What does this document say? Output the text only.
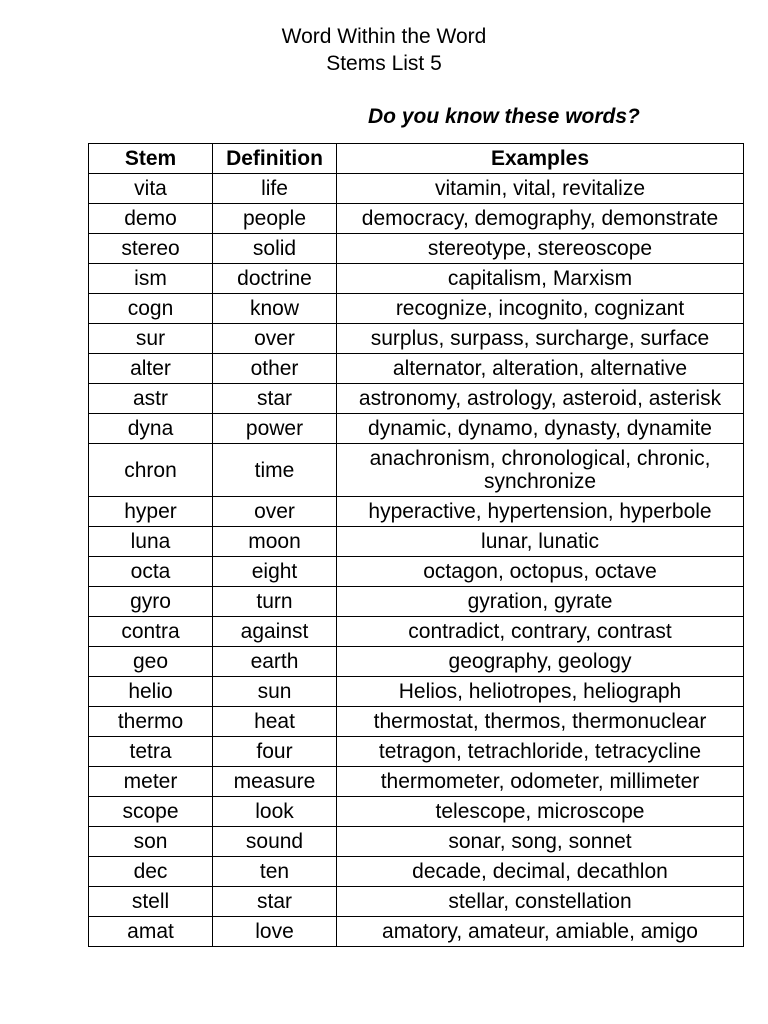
Word Within the Word
Stems List 5

Do you know these words?

Stem	Definition	Examples
vita	life	vitamin, vital, revitalize
demo	people	democracy, demography, demonstrate
stereo	solid	stereotype, stereoscope
ism	doctrine	capitalism, Marxism
cogn	know	recognize, incognito, cognizant
sur	over	surplus, surpass, surcharge, surface
alter	other	alternator, alteration, alternative
astr	star	astronomy, astrology, asteroid, asterisk
dyna	power	dynamic, dynamo, dynasty, dynamite
chron	time	anachronism, chronological, chronic, synchronize
hyper	over	hyperactive, hypertension, hyperbole
luna	moon	lunar, lunatic
octa	eight	octagon, octopus, octave
gyro	turn	gyration, gyrate
contra	against	contradict, contrary, contrast
geo	earth	geography, geology
helio	sun	Helios, heliotropes, heliograph
thermo	heat	thermostat, thermos, thermonuclear
tetra	four	tetragon, tetrachloride, tetracycline
meter	measure	thermometer, odometer, millimeter
scope	look	telescope, microscope
son	sound	sonar, song, sonnet
dec	ten	decade, decimal, decathlon
stell	star	stellar, constellation
amat	love	amatory, amateur, amiable, amigo
